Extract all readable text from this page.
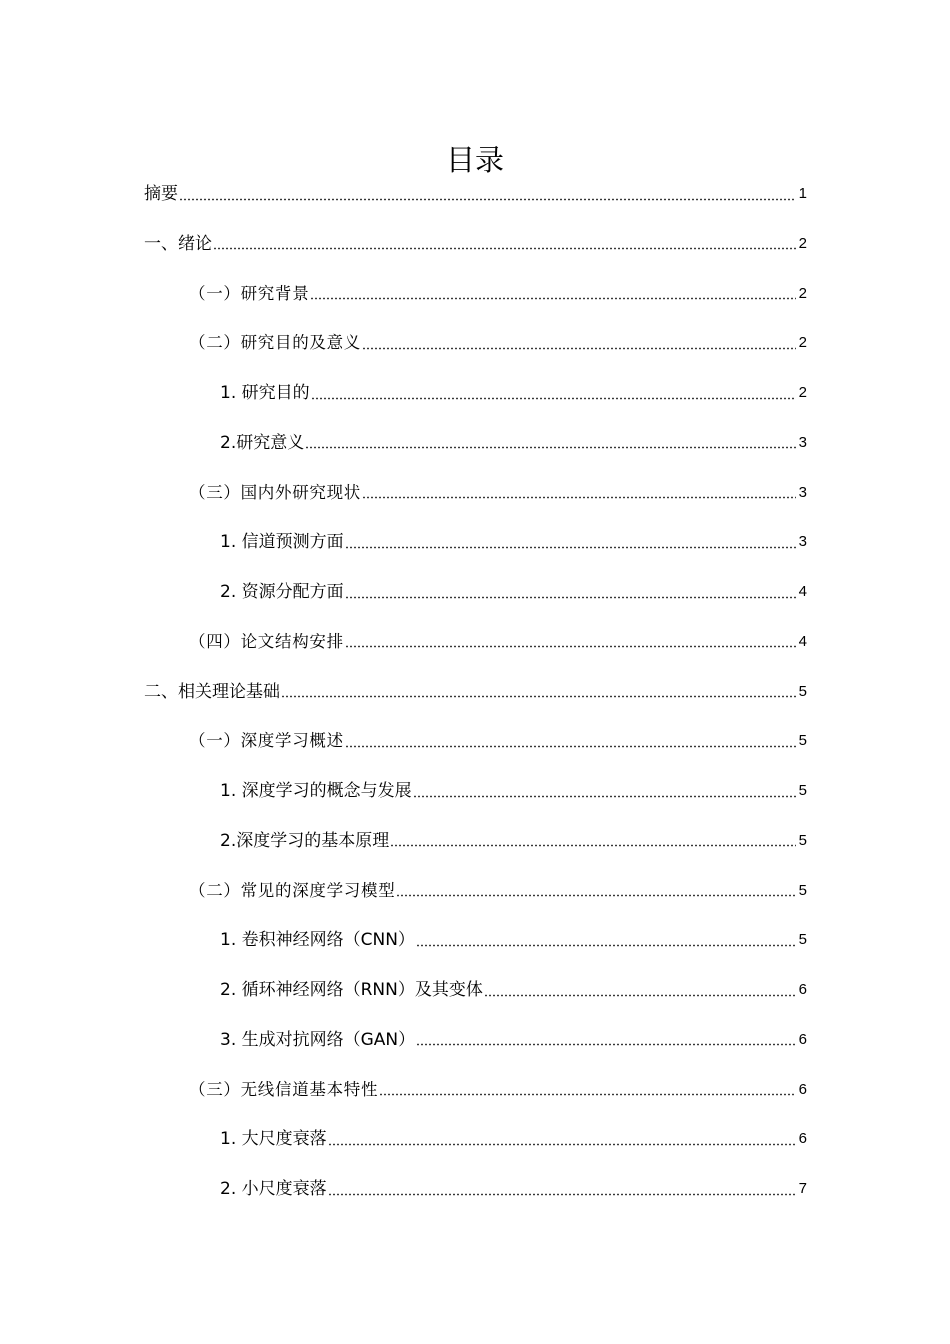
目录
摘要	1
一、绪论	2
（一）研究背景	2
（二）研究目的及意义	2
1. 研究目的	2
2.研究意义	3
（三）国内外研究现状	3
1. 信道预测方面	3
2. 资源分配方面	4
（四）论文结构安排	4
二、相关理论基础	5
（一）深度学习概述	5
1. 深度学习的概念与发展	5
2.深度学习的基本原理	5
（二）常见的深度学习模型	5
1. 卷积神经网络（CNN）	5
2. 循环神经网络（RNN）及其变体	6
3. 生成对抗网络（GAN）	6
（三）无线信道基本特性	6
1. 大尺度衰落	6
2. 小尺度衰落	7
